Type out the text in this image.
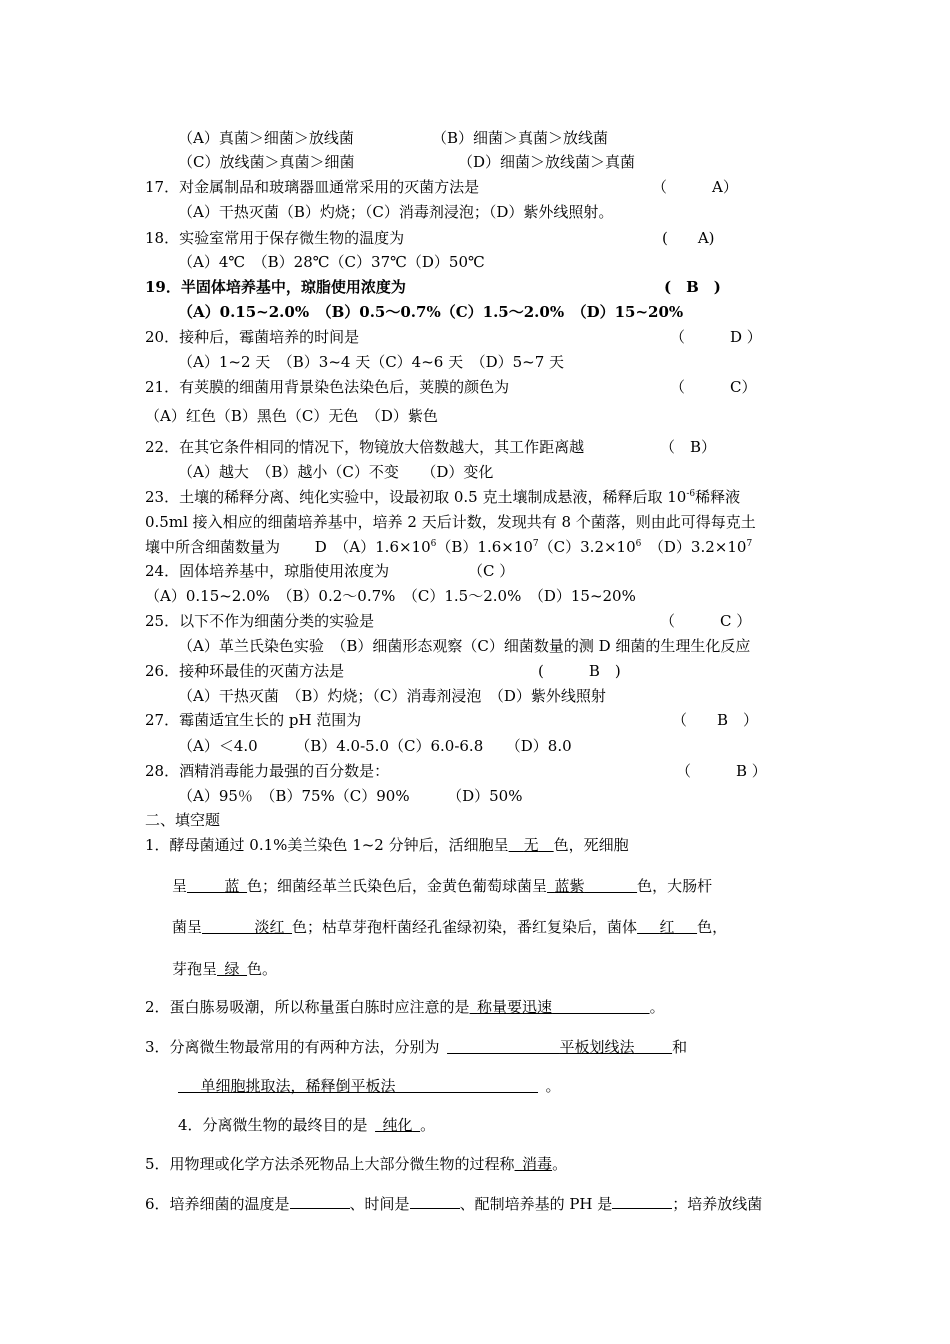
（A）真菌＞细菌＞放线菌	（B）细菌＞真菌＞放线菌
（C）放线菌＞真菌＞细菌	（D）细菌＞放线菌＞真菌
17．对金属制品和玻璃器皿通常采用的灭菌方法是	（　　　A）
（A）干热灭菌（B）灼烧；（C）消毒剂浸泡；（D）紫外线照射。
18．实验室常用于保存微生物的温度为	(　　A)
（A）4℃　（B）28℃（C）37℃（D）50℃
19．半固体培养基中，琼脂使用浓度为	(　B　)
（A）0.15~2.0%　（B）0.5～0.7%（C）1.5～2.0%　（D）15~20%
20．接种后，霉菌培养的时间是	（　　　D ）
（A）1~2 天　（B）3~4 天（C）4~6 天　（D）5~7 天
21．有荚膜的细菌用背景染色法染色后，荚膜的颜色为	（　　　C）
（A）红色（B）黑色（C）无色　（D）紫色
22．在其它条件相同的情况下，物镜放大倍数越大，其工作距离越	（　B）
（A）越大　（B）越小（C）不变　　（D）变化
23．土壤的稀释分离、纯化实验中，设最初取 0.5 克土壤制成悬液，稀释后取 $10^{-6}$稀释液
0.5ml 接入相应的细菌培养基中，培养 2 天后计数，发现共有 8 个菌落，则由此可得每克土
壤中所含细菌数量为　　 D　$(A)1.6\times 10^6(B)1.6\times 10^7(C)3.2\times 10^6$　$(D)3.2\times 10^7$
24．固体培养基中，琼脂使用浓度为	（C ）
（A）0.15~2.0%　（B）0.2～0.7%　（C）1.5～2.0%　（D）15~20%
25．以下不作为细菌分类的实验是	（　　　C ）
（A）革兰氏染色实验　（B）细菌形态观察（C）细菌数量的测 D 细菌的生理生化反应
26．接种环最佳的灭菌方法是	(　　　B　)
（A）干热灭菌　（B）灼烧；（C）消毒剂浸泡　（D）紫外线照射
27．霉菌适宜生长的 pH 范围为	（　　B　）
（A）＜4.0　　　（B）4.0-5.0（C）6.0-6.8　　（D）8.0
28．酒精消毒能力最强的百分数是：	（　　　B ）
（A）95％　（B）75%（C）90%　　　（D）50%
二、填空题
1．酵母菌通过 0.1%美兰染色 1~2 分钟后，活细胞呈   无   色，死细胞
呈   	蓝  色；细菌经革兰氏染色后，金黄色葡萄球菌呈  蓝紫    	色，大肠杆
菌呈    	淡红  色；枯草芽孢杆菌经孔雀绿初染，番红复染后，菌体   红   色，
芽孢呈  绿  色。
2．蛋白胨易吸潮，所以称量蛋白胨时应注意的是  称量要迅速       	。
3．分离微生物最常用的有两种方法，分别为         	平板划线法   	和
  单细胞挑取法，稀释倒平板法           	。
4．分离微生物的最终目的是   纯化  。
5．用物理或化学方法杀死物品上大部分微生物的过程称  消毒。
6．培养细菌的温度是	、时间是	、配制培养基的 PH 是	；培养放线菌
